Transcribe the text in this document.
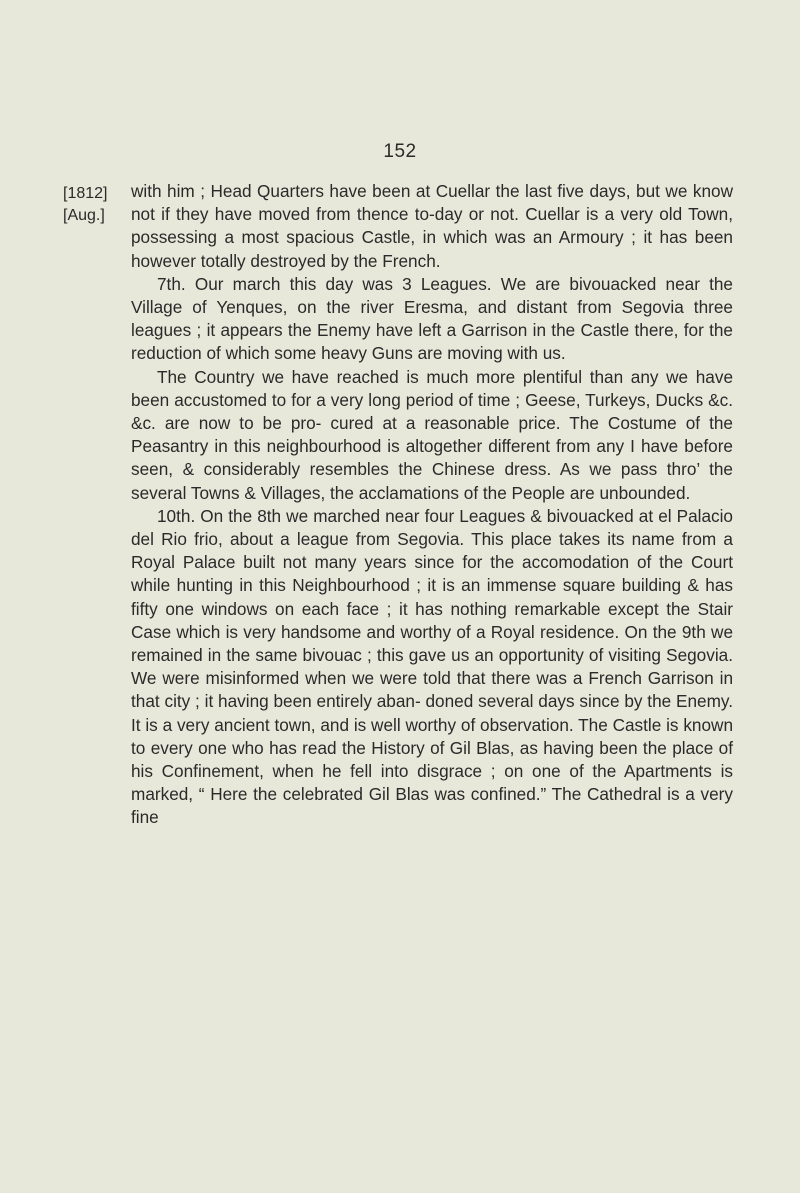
152
[1812]
[Aug.]

with him ; Head Quarters have been at Cuellar the last five days, but we know not if they have moved from thence to-day or not. Cuellar is a very old Town, possessing a most spacious Castle, in which was an Armoury ; it has been however totally destroyed by the French.

7th. Our march this day was 3 Leagues. We are bivouacked near the Village of Yenques, on the river Eresma, and distant from Segovia three leagues ; it appears the Enemy have left a Garrison in the Castle there, for the reduction of which some heavy Guns are moving with us.

The Country we have reached is much more plentiful than any we have been accustomed to for a very long period of time ; Geese, Turkeys, Ducks &c. &c. are now to be pro- cured at a reasonable price. The Costume of the Peasantry in this neighbourhood is altogether different from any I have before seen, & considerably resembles the Chinese dress. As we pass thro’ the several Towns & Villages, the acclamations of the People are unbounded.

10th. On the 8th we marched near four Leagues & bivouacked at el Palacio del Rio frio, about a league from Segovia. This place takes its name from a Royal Palace built not many years since for the accomodation of the Court while hunting in this Neighbourhood ; it is an immense square building & has fifty one windows on each face ; it has nothing remarkable except the Stair Case which is very handsome and worthy of a Royal residence. On the 9th we remained in the same bivouac ; this gave us an opportunity of visiting Segovia. We were misinformed when we were told that there was a French Garrison in that city ; it having been entirely aban- doned several days since by the Enemy. It is a very ancient town, and is well worthy of observation. The Castle is known to every one who has read the History of Gil Blas, as having been the place of his Confinement, when he fell into disgrace ; on one of the Apartments is marked, “ Here the celebrated Gil Blas was confined.” The Cathedral is a very fine
